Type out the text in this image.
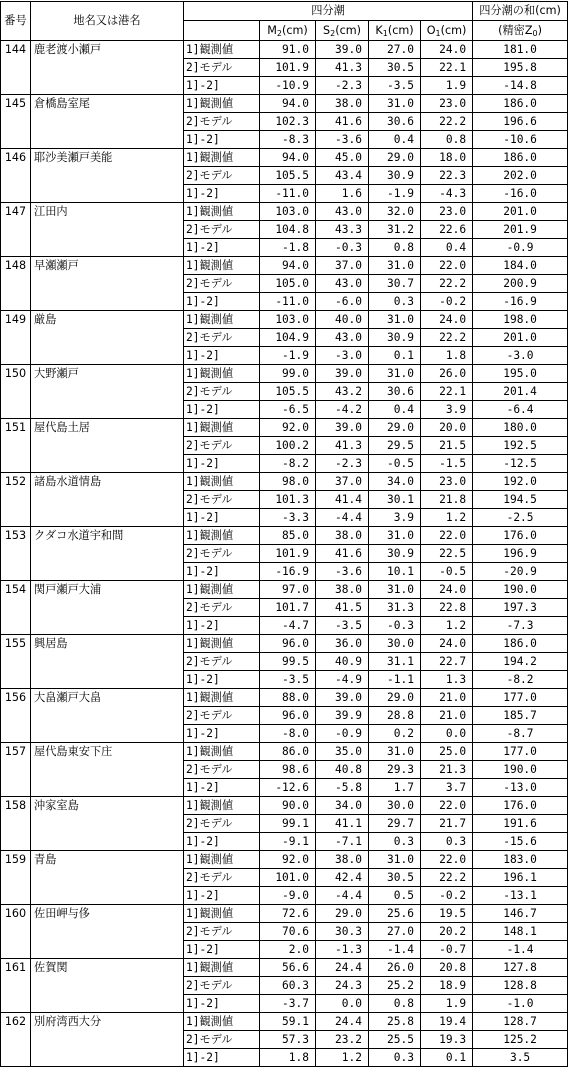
番号	地名又は港名	四分潮					四分潮の和(cm)
			$M_2(cm)$	$S_2(cm)$	$K_1(cm)$	$O_1(cm)$	(精密$Z_0$)
144	鹿老渡小瀬戸	1]観測値	91.0	39.0	27.0	24.0	181.0
		2]モデル	101.9	41.3	30.5	22.1	195.8
		1]-2]	-10.9	-2.3	-3.5	1.9	-14.8
145	倉橋島室尾	1]観測値	94.0	38.0	31.0	23.0	186.0
		2]モデル	102.3	41.6	30.6	22.2	196.6
		1]-2]	-8.3	-3.6	0.4	0.8	-10.6
146	耶沙美瀬戸美能	1]観測値	94.0	45.0	29.0	18.0	186.0
		2]モデル	105.5	43.4	30.9	22.3	202.0
		1]-2]	-11.0	1.6	-1.9	-4.3	-16.0
147	江田内	1]観測値	103.0	43.0	32.0	23.0	201.0
		2]モデル	104.8	43.3	31.2	22.6	201.9
		1]-2]	-1.8	-0.3	0.8	0.4	-0.9
148	早瀬瀬戸	1]観測値	94.0	37.0	31.0	22.0	184.0
		2]モデル	105.0	43.0	30.7	22.2	200.9
		1]-2]	-11.0	-6.0	0.3	-0.2	-16.9
149	厳島	1]観測値	103.0	40.0	31.0	24.0	198.0
		2]モデル	104.9	43.0	30.9	22.2	201.0
		1]-2]	-1.9	-3.0	0.1	1.8	-3.0
150	大野瀬戸	1]観測値	99.0	39.0	31.0	26.0	195.0
		2]モデル	105.5	43.2	30.6	22.1	201.4
		1]-2]	-6.5	-4.2	0.4	3.9	-6.4
151	屋代島土居	1]観測値	92.0	39.0	29.0	20.0	180.0
		2]モデル	100.2	41.3	29.5	21.5	192.5
		1]-2]	-8.2	-2.3	-0.5	-1.5	-12.5
152	諸島水道情島	1]観測値	98.0	37.0	34.0	23.0	192.0
		2]モデル	101.3	41.4	30.1	21.8	194.5
		1]-2]	-3.3	-4.4	3.9	1.2	-2.5
153	クダコ水道宇和間	1]観測値	85.0	38.0	31.0	22.0	176.0
		2]モデル	101.9	41.6	30.9	22.5	196.9
		1]-2]	-16.9	-3.6	10.1	-0.5	-20.9
154	関戸瀬戸大浦	1]観測値	97.0	38.0	31.0	24.0	190.0
		2]モデル	101.7	41.5	31.3	22.8	197.3
		1]-2]	-4.7	-3.5	-0.3	1.2	-7.3
155	興居島	1]観測値	96.0	36.0	30.0	24.0	186.0
		2]モデル	99.5	40.9	31.1	22.7	194.2
		1]-2]	-3.5	-4.9	-1.1	1.3	-8.2
156	大畠瀬戸大畠	1]観測値	88.0	39.0	29.0	21.0	177.0
		2]モデル	96.0	39.9	28.8	21.0	185.7
		1]-2]	-8.0	-0.9	0.2	0.0	-8.7
157	屋代島東安下庄	1]観測値	86.0	35.0	31.0	25.0	177.0
		2]モデル	98.6	40.8	29.3	21.3	190.0
		1]-2]	-12.6	-5.8	1.7	3.7	-13.0
158	沖家室島	1]観測値	90.0	34.0	30.0	22.0	176.0
		2]モデル	99.1	41.1	29.7	21.7	191.6
		1]-2]	-9.1	-7.1	0.3	0.3	-15.6
159	青島	1]観測値	92.0	38.0	31.0	22.0	183.0
		2]モデル	101.0	42.4	30.5	22.2	196.1
		1]-2]	-9.0	-4.4	0.5	-0.2	-13.1
160	佐田岬与侈	1]観測値	72.6	29.0	25.6	19.5	146.7
		2]モデル	70.6	30.3	27.0	20.2	148.1
		1]-2]	2.0	-1.3	-1.4	-0.7	-1.4
161	佐賀関	1]観測値	56.6	24.4	26.0	20.8	127.8
		2]モデル	60.3	24.3	25.2	18.9	128.8
		1]-2]	-3.7	0.0	0.8	1.9	-1.0
162	別府湾西大分	1]観測値	59.1	24.4	25.8	19.4	128.7
		2]モデル	57.3	23.2	25.5	19.3	125.2
		1]-2]	1.8	1.2	0.3	0.1	3.5
